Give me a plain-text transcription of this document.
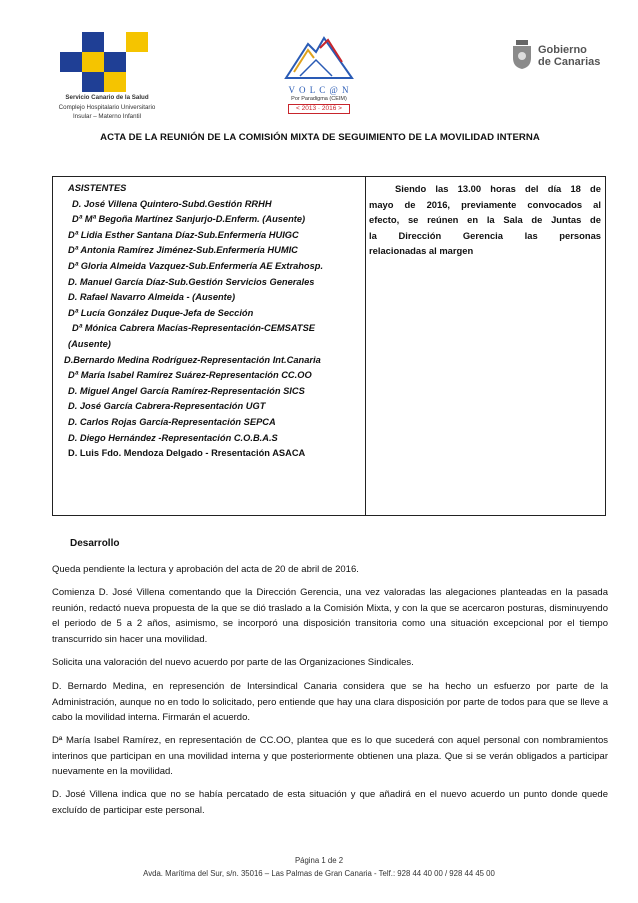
Servicio Canario de la Salud
Complejo Hospitalario Universitario
Insular – Materno Infantil
V O L C @ N
Por Paradigma (CEIM)
< 2013 · 2016 >
Gobierno
de Canarias
ACTA DE LA REUNIÓN DE LA COMISIÓN MIXTA DE SEGUIMIENTO DE LA MOVILIDAD INTERNA
ASISTENTES
D. José Villena Quintero-Subd.Gestión RRHH
Dª Mª Begoña Martínez Sanjurjo-D.Enferm. (Ausente)
Dª Lidia Esther Santana Díaz-Sub.Enfermería HUIGC
Dª Antonia Ramírez Jiménez-Sub.Enfermería HUMIC
Dª Gloria Almeida Vazquez-Sub.Enfermería AE Extrahosp.
D. Manuel García Díaz-Sub.Gestión Servicios Generales
D. Rafael Navarro Almeida - (Ausente)
Dª Lucía González Duque-Jefa de Sección
Dª Mónica Cabrera Macías-Representación-CEMSATSE
(Ausente)
D.Bernardo Medina Rodríguez-Representación Int.Canaria
Dª María Isabel Ramírez Suárez-Representación CC.OO
D. Miguel Angel García Ramírez-Representación SICS
D. José García Cabrera-Representación UGT
D. Carlos Rojas García-Representación SEPCA
D. Diego Hernández -Representación C.O.B.A.S
D. Luis Fdo. Mendoza Delgado - Rresentación ASACA
Siendo las 13.00 horas del día 18 de
mayo de 2016, previamente convocados al
efecto, se reúnen en la Sala de Juntas de
la Dirección Gerencia las personas
relacionadas al margen
Desarrollo
Queda pendiente la lectura y aprobación del acta de 20 de abril de 2016.
Comienza D. José Villena comentando que la Dirección Gerencia, una vez valoradas las alegaciones planteadas en la pasada reunión, redactó nueva propuesta de la que se dió traslado a la Comisión Mixta, y con la que se acercaron posturas, disminuyendo el periodo de 5 a 2 años, asimismo, se incorporó una disposición transitoria como una situación excepcional por el tiempo transcurrido sin hacer una movilidad.
Solicita una valoración del nuevo acuerdo por parte de las Organizaciones Sindicales.
D. Bernardo Medina, en represención de Intersindical Canaria considera que se ha hecho un esfuerzo por parte de la Administración, aunque no en todo lo solicitado, pero entiende que hay una clara disposición por parte de todos para que se lleve a cabo la movilidad interna. Firmarán el acuerdo.
Dª María Isabel Ramírez, en representación de CC.OO, plantea que es lo que sucederá con aquel personal con nombramientos interinos que participan en una movilidad interna y que posteriormente obtienen una plaza. Que si se verán obligados a participar nuevamente en la movilidad.
D. José Villena indica que no se había percatado de esta situación y que añadirá en el nuevo acuerdo un punto donde quede excluído de participar este personal.
Página 1 de 2
Avda. Marítima del Sur, s/n. 35016 – Las Palmas de Gran Canaria - Telf.: 928 44 40 00 / 928 44 45 00
